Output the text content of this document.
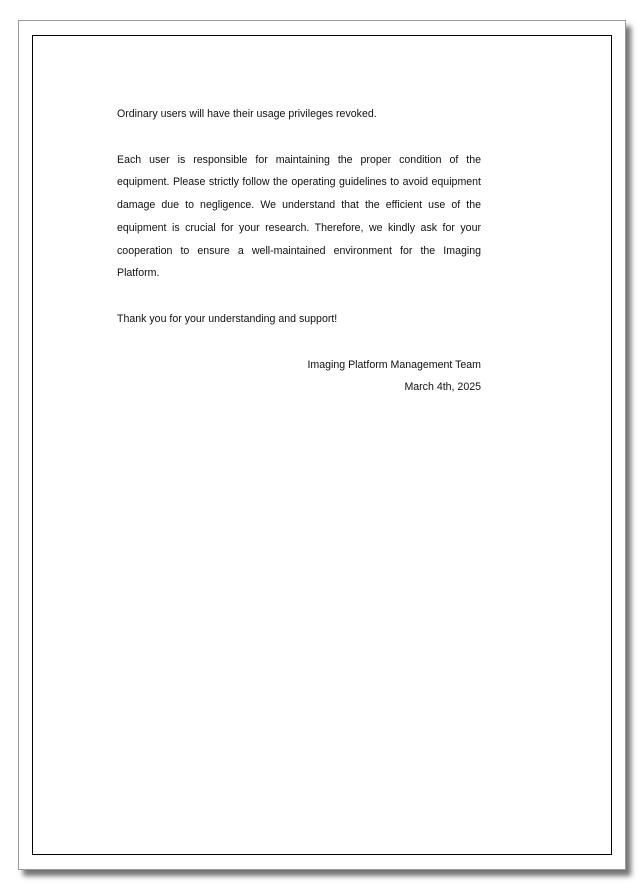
Ordinary users will have their usage privileges revoked.

Each user is responsible for maintaining the proper condition of the equipment. Please strictly follow the operating guidelines to avoid equipment damage due to negligence. We understand that the efficient use of the equipment is crucial for your research. Therefore, we kindly ask for your cooperation to ensure a well-maintained environment for the Imaging Platform.

Thank you for your understanding and support!

Imaging Platform Management Team

March 4th, 2025
